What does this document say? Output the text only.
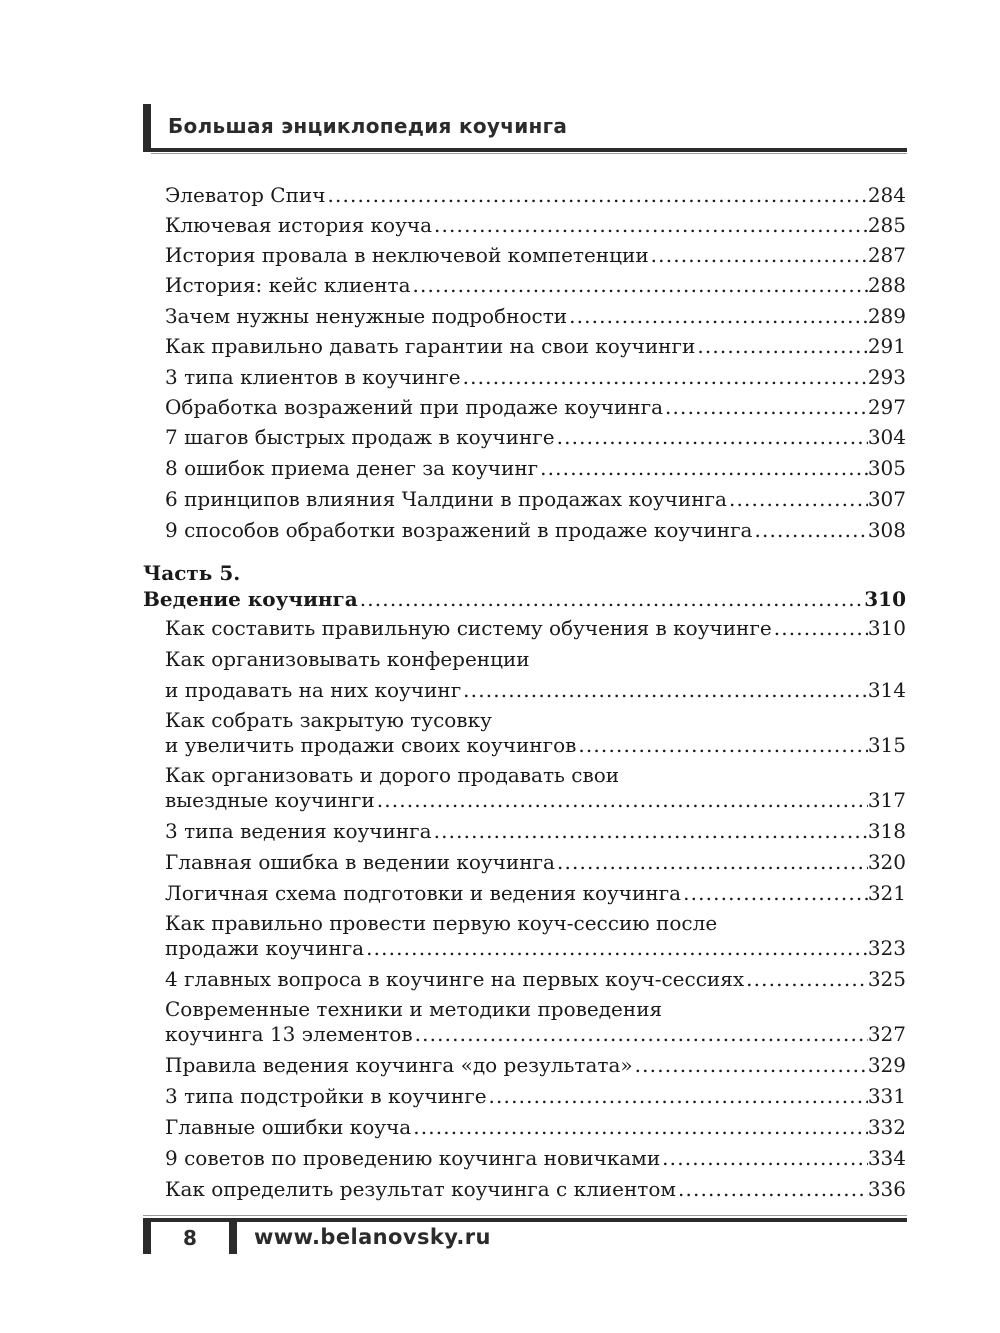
Большая энциклопедия коучинга
Элеватор Спич . . .	284
Ключевая история коуча . . .	285
История провала в неключевой компетенции . . .	287
История: кейс клиента . . .	288
Зачем нужны ненужные подробности . . .	289
Как правильно давать гарантии на свои коучинги . . .	291
3 типа клиентов в коучинге . . .	293
Обработка возражений при продаже коучинга . . .	297
7 шагов быстрых продаж в коучинге . . .	304
8 ошибок приема денег за коучинг . . .	305
6 принципов влияния Чалдини в продажах коучинга . . .	307
9 способов обработки возражений в продаже коучинга . . .	308
Часть 5.
Ведение коучинга . . .	310
Как составить правильную систему обучения в коучинге . . .	310
Как организовывать конференции
и продавать на них коучинг . . .	314
Как собрать закрытую тусовку
и увеличить продажи своих коучингов . . .	315
Как организовать и дорого продавать свои
выездные коучинги . . .	317
3 типа ведения коучинга . . .	318
Главная ошибка в ведении коучинга . . .	320
Логичная схема подготовки и ведения коучинга . . .	321
Как правильно провести первую коуч-сессию после
продажи коучинга . . .	323
4 главных вопроса в коучинге на первых коуч-сессиях . . .	325
Современные техники и методики проведения
коучинга 13 элементов . . .	327
Правила ведения коучинга «до результата» . . .	329
3 типа подстройки в коучинге . . .	331
Главные ошибки коуча . . .	332
9 советов по проведению коучинга новичками . . .	334
Как определить результат коучинга с клиентом . . .	336
8	www.belanovsky.ru
